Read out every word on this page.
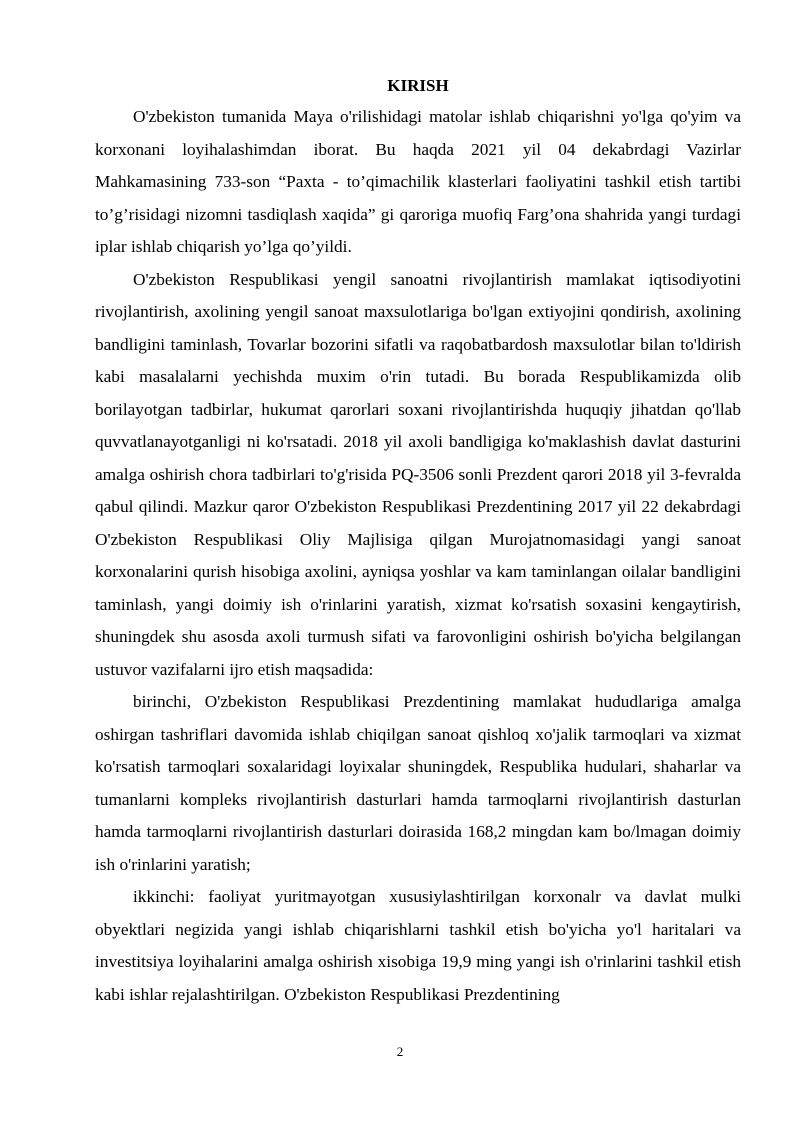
KIRISH

O'zbekiston tumanida Maya o'rilishidagi matolar ishlab chiqarishni yo'lga qo'yim va korxonani loyihalashimdan iborat. Bu haqda 2021 yil 04 dekabrdagi Vazirlar Mahkamasining 733-son “Paxta - to’qimachilik klasterlari faoliyatini tashkil etish tartibi to’g’risidagi nizomni tasdiqlash xaqida” gi qaroriga muofiq Farg’ona shahrida yangi turdagi iplar ishlab chiqarish yo’lga qo’yildi.

O'zbekiston Respublikasi yengil sanoatni rivojlantirish mamlakat iqtisodiyotini rivojlantirish, axolining yengil sanoat maxsulotlariga bo'lgan extiyojini qondirish, axolining bandligini taminlash, Tovarlar bozorini sifatli va raqobatbardosh maxsulotlar bilan to'ldirish kabi masalalarni yechishda muxim o'rin tutadi. Bu borada Respublikamizda olib borilayotgan tadbirlar, hukumat qarorlari soxani rivojlantirishda huquqiy jihatdan qo'llab quvvatlanayotganligi ni ko'rsatadi. 2018 yil axoli bandligiga ko'maklashish davlat dasturini amalga oshirish chora tadbirlari to'g'risida PQ-3506 sonli Prezdent qarori 2018 yil 3-fevralda qabul qilindi. Mazkur qaror O'zbekiston Respublikasi Prezdentining 2017 yil 22 dekabrdagi O'zbekiston Respublikasi Oliy Majlisiga qilgan Murojatnomasidagi yangi sanoat korxonalarini qurish hisobiga axolini, ayniqsa yoshlar va kam taminlangan oilalar bandligini taminlash, yangi doimiy ish o'rinlarini yaratish, xizmat ko'rsatish soxasini kengaytirish, shuningdek shu asosda axoli turmush sifati va farovonligini oshirish bo'yicha belgilangan ustuvor vazifalarni ijro etish maqsadida:

birinchi, O'zbekiston Respublikasi Prezdentining mamlakat hududlariga amalga oshirgan tashriflari davomida ishlab chiqilgan sanoat qishloq xo'jalik tarmoqlari va xizmat ko'rsatish tarmoqlari soxalaridagi loyixalar shuningdek, Respublika hudulari, shaharlar va tumanlarni kompleks rivojlantirish dasturlari hamda tarmoqlarni rivojlantirish dasturlan hamda tarmoqlarni rivojlantirish dasturlari doirasida 168,2 mingdan kam bo/lmagan doimiy ish o'rinlarini yaratish;

ikkinchi: faoliyat yuritmayotgan xususiylashtirilgan korxonalr va davlat mulki obyektlari negizida yangi ishlab chiqarishlarni tashkil etish bo'yicha yo'l haritalari va investitsiya loyihalarini amalga oshirish xisobiga 19,9 ming yangi ish o'rinlarini tashkil etish kabi ishlar rejalashtirilgan. O'zbekiston Respublikasi Prezdentining

2
